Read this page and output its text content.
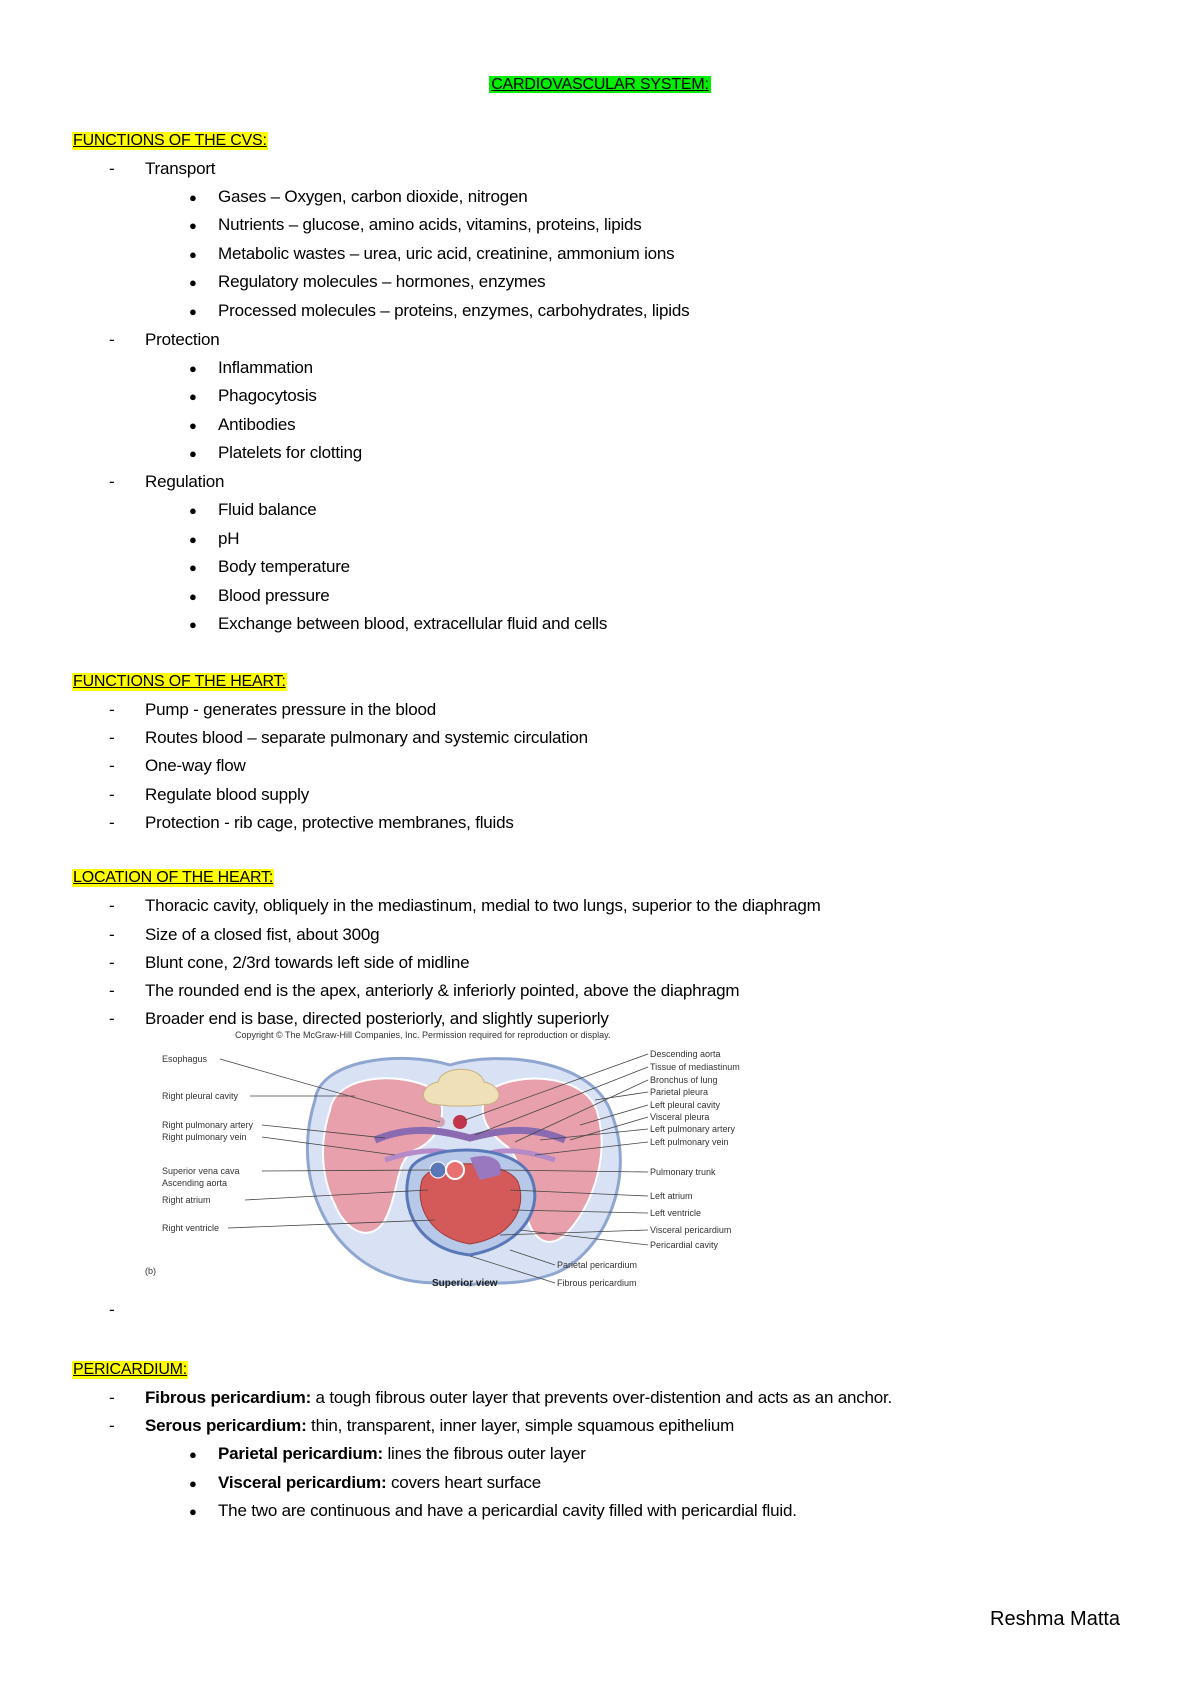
CARDIOVASCULAR SYSTEM:
FUNCTIONS OF THE CVS:
- Transport
● Gases – Oxygen, carbon dioxide, nitrogen
● Nutrients – glucose, amino acids, vitamins, proteins, lipids
● Metabolic wastes – urea, uric acid, creatinine, ammonium ions
● Regulatory molecules – hormones, enzymes
● Processed molecules – proteins, enzymes, carbohydrates, lipids
- Protection
● Inflammation
● Phagocytosis
● Antibodies
● Platelets for clotting
- Regulation
● Fluid balance
● pH
● Body temperature
● Blood pressure
● Exchange between blood, extracellular fluid and cells
FUNCTIONS OF THE HEART:
- Pump - generates pressure in the blood
- Routes blood – separate pulmonary and systemic circulation
- One-way flow
- Regulate blood supply
- Protection - rib cage, protective membranes, fluids
LOCATION OF THE HEART:
- Thoracic cavity, obliquely in the mediastinum, medial to two lungs, superior to the diaphragm
- Size of a closed fist, about 300g
- Blunt cone, 2/3rd towards left side of midline
- The rounded end is the apex, anteriorly & inferiorly pointed, above the diaphragm
- Broader end is base, directed posteriorly, and slightly superiorly
Copyright © The McGraw-Hill Companies, Inc. Permission required for reproduction or display.
Esophagus
Right pleural cavity
Right pulmonary artery
Right pulmonary vein
Superior vena cava
Ascending aorta
Right atrium
Right ventricle
Descending aorta
Tissue of mediastinum
Bronchus of lung
Parietal pleura
Left pleural cavity
Visceral pleura
Left pulmonary artery
Left pulmonary vein
Pulmonary trunk
Left atrium
Left ventricle
Visceral pericardium
Pericardial cavity
Parietal pericardium
Fibrous pericardium
(b)
Superior view
-
PERICARDIUM:
- Fibrous pericardium: a tough fibrous outer layer that prevents over-distention and acts as an anchor.
- Serous pericardium: thin, transparent, inner layer, simple squamous epithelium
● Parietal pericardium: lines the fibrous outer layer
● Visceral pericardium: covers heart surface
● The two are continuous and have a pericardial cavity filled with pericardial fluid.
Reshma Matta
